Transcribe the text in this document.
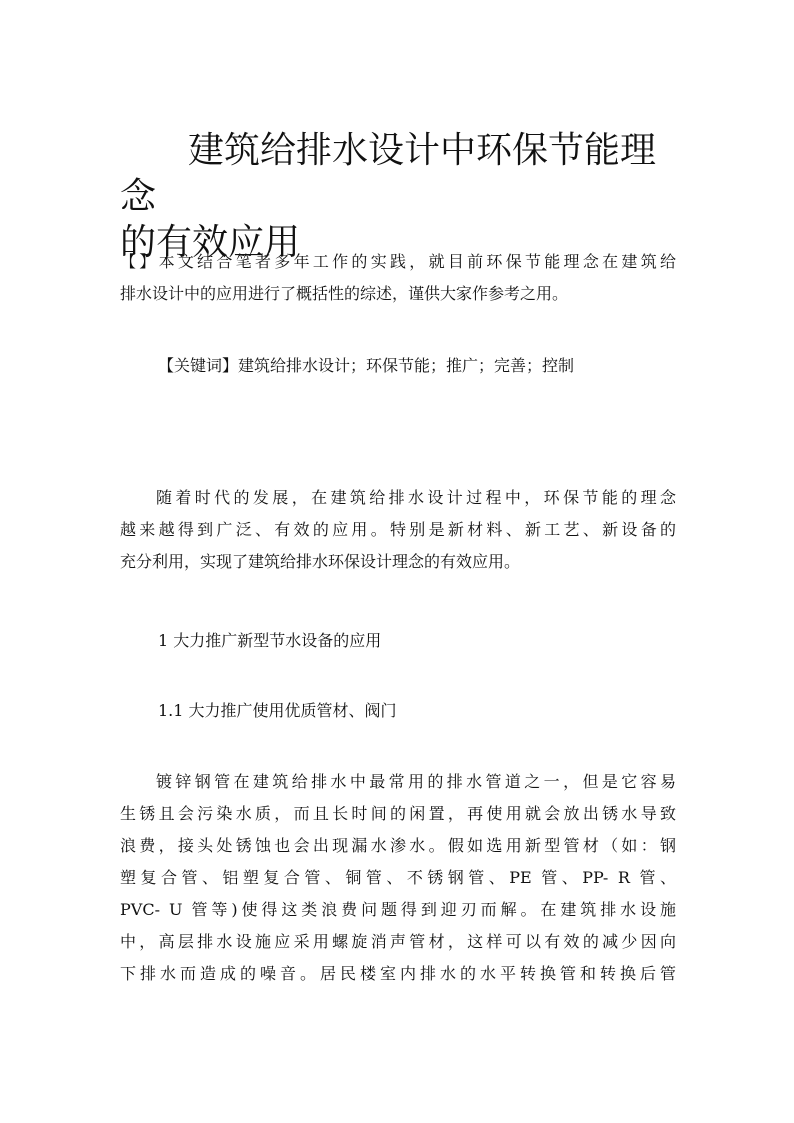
建筑给排水设计中环保节能理念
的有效应用

【】本文结合笔者多年工作的实践，就目前环保节能理念在建筑给
排水设计中的应用进行了概括性的综述，谨供大家作参考之用。

【关键词】建筑给排水设计；环保节能；推广；完善；控制

随着时代的发展，在建筑给排水设计过程中，环保节能的理念
越来越得到广泛、有效的应用。特别是新材料、新工艺、新设备的
充分利用，实现了建筑给排水环保设计理念的有效应用。

1 大力推广新型节水设备的应用

1.1 大力推广使用优质管材、阀门

镀锌钢管在建筑给排水中最常用的排水管道之一，但是它容易
生锈且会污染水质，而且长时间的闲置，再使用就会放出锈水导致
浪费，接头处锈蚀也会出现漏水渗水。假如选用新型管材（如：钢
塑复合管、铝塑复合管、铜管、不锈钢管、PE 管、PP- R 管、
PVC- U 管等)使得这类浪费问题得到迎刃而解。在建筑排水设施
中，高层排水设施应采用螺旋消声管材，这样可以有效的减少因向
下排水而造成的噪音。居民楼室内排水的水平转换管和转换后管
